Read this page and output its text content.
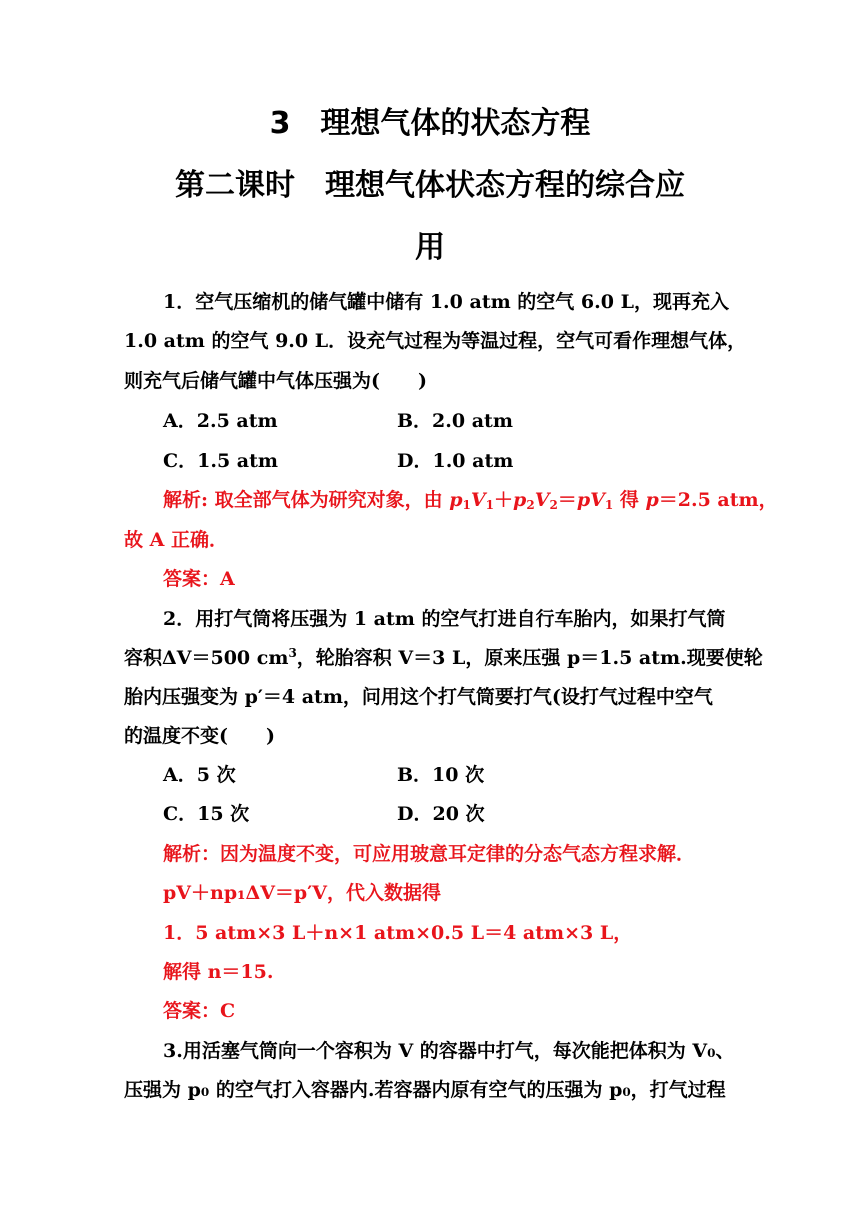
3　理想气体的状态方程
第二课时　理想气体状态方程的综合应
用
1．空气压缩机的储气罐中储有 1.0 atm 的空气 6.0 L，现再充入
1.0 atm 的空气 9.0 L．设充气过程为等温过程，空气可看作理想气体，
则充气后储气罐中气体压强为(　　)
A．2.5 atm	B．2.0 atm
C．1.5 atm	D．1.0 atm
解析: 取全部气体为研究对象，由 $p_1V_1+p_2V_2=pV_1$ 得 p＝2.5 atm，
故 A 正确．
答案：A
2．用打气筒将压强为 1 atm 的空气打进自行车胎内，如果打气筒
容积ΔV＝500 $cm^3$，轮胎容积 V＝3 L，原来压强 p＝1.5 atm.现要使轮
胎内压强变为 p′＝4 atm，问用这个打气筒要打气(设打气过程中空气
的温度不变(　　)
A．5 次	B．10 次
C．15 次	D．20 次
解析：因为温度不变，可应用玻意耳定律的分态气态方程求解．
pV＋np₁ΔV＝p′V，代入数据得
1．5 atm×3 L＋n×1 atm×0.5 L＝4 atm×3 L，
解得 n＝15.
答案：C
3.用活塞气筒向一个容积为 V 的容器中打气，每次能把体积为 V₀、
压强为 p₀ 的空气打入容器内.若容器内原有空气的压强为 p₀，打气过程
